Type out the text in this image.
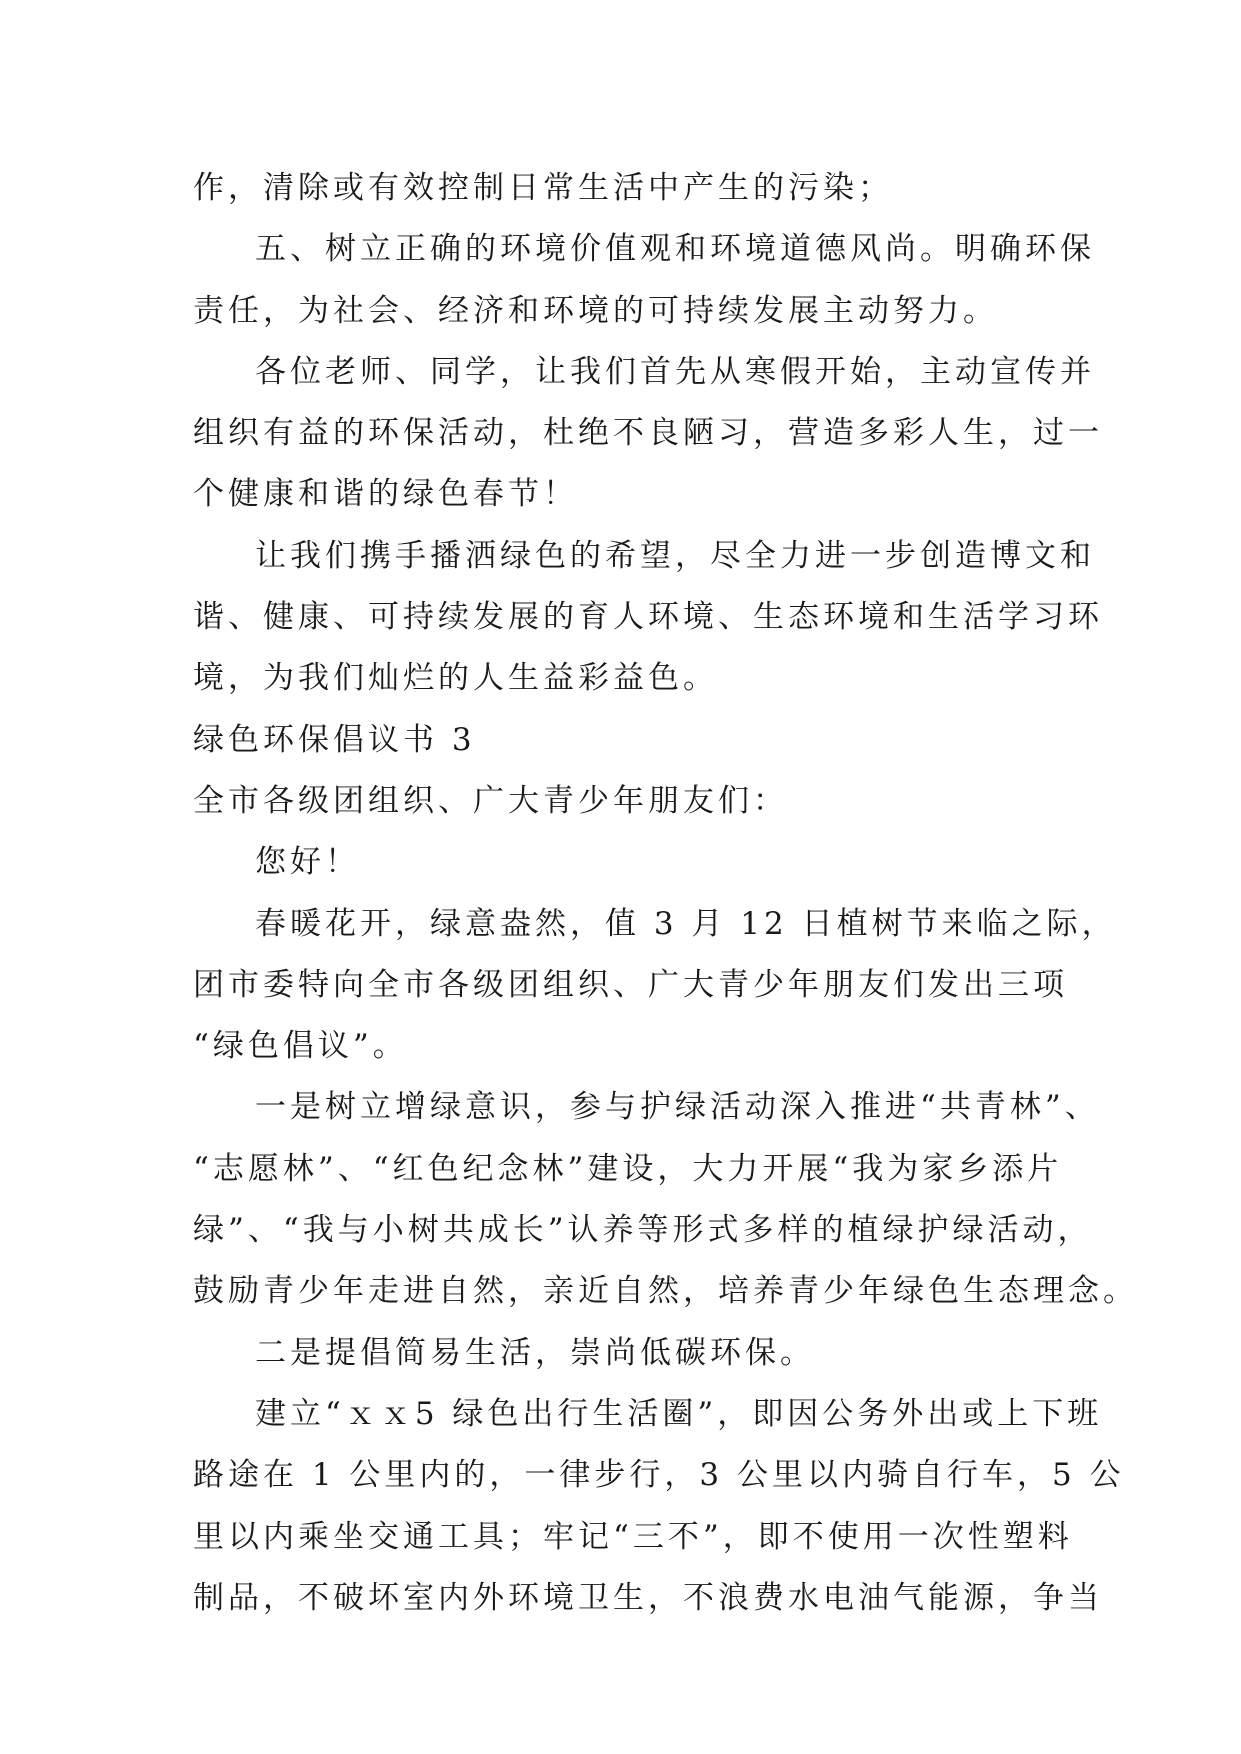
作，清除或有效控制日常生活中产生的污染；

五、树立正确的环境价值观和环境道德风尚。明确环保

责任，为社会、经济和环境的可持续发展主动努力。

各位老师、同学，让我们首先从寒假开始，主动宣传并

组织有益的环保活动，杜绝不良陋习，营造多彩人生，过一

个健康和谐的绿色春节！

让我们携手播洒绿色的希望，尽全力进一步创造博文和

谐、健康、可持续发展的育人环境、生态环境和生活学习环

境，为我们灿烂的人生益彩益色。

绿色环保倡议书 3

全市各级团组织、广大青少年朋友们：

您好！

春暖花开，绿意盎然，值 3 月 12 日植树节来临之际，

团市委特向全市各级团组织、广大青少年朋友们发出三项

“绿色倡议”。

一是树立增绿意识，参与护绿活动深入推进“共青林”、

“志愿林”、“红色纪念林”建设，大力开展“我为家乡添片

绿”、“我与小树共成长”认养等形式多样的植绿护绿活动，

鼓励青少年走进自然，亲近自然，培养青少年绿色生态理念。

二是提倡简易生活，崇尚低碳环保。

建立“ｘｘ5 绿色出行生活圈”，即因公务外出或上下班

路途在 1 公里内的，一律步行，3 公里以内骑自行车，5 公

里以内乘坐交通工具；牢记“三不”，即不使用一次性塑料

制品，不破坏室内外环境卫生，不浪费水电油气能源，争当
